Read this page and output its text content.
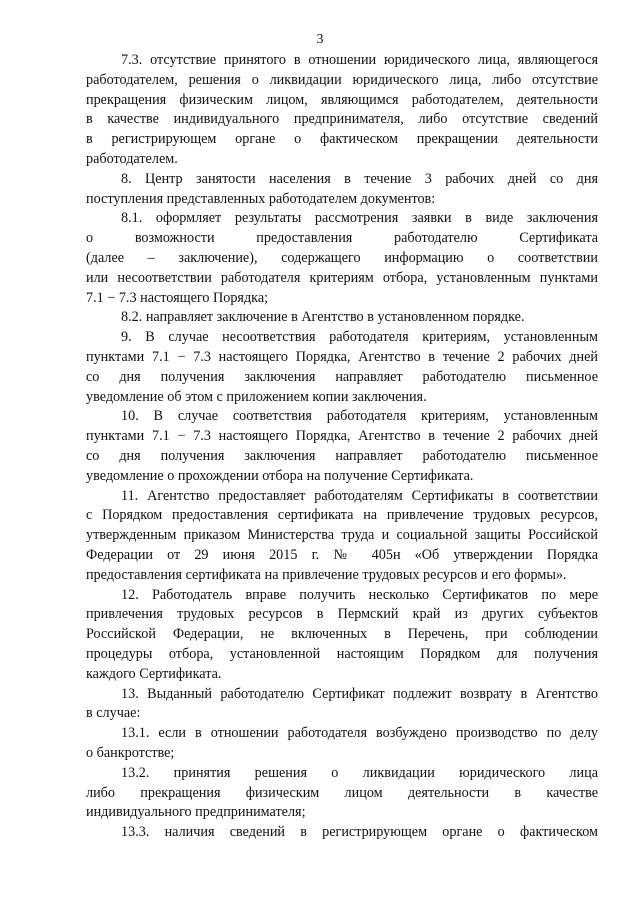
3
7.3. отсутствие принятого в отношении юридического лица, являющегося
работодателем, решения о ликвидации юридического лица, либо отсутствие
прекращения физическим лицом, являющимся работодателем, деятельности
в качестве индивидуального предпринимателя, либо отсутствие сведений
в регистрирующем органе о фактическом прекращении деятельности
работодателем.
8. Центр занятости населения в течение 3 рабочих дней со дня
поступления представленных работодателем документов:
8.1. оформляет результаты рассмотрения заявки в виде заключения
о возможности предоставления работодателю Сертификата
(далее – заключение), содержащего информацию о соответствии
или несоответствии работодателя критериям отбора, установленным пунктами
7.1 − 7.3 настоящего Порядка;
8.2. направляет заключение в Агентство в установленном порядке.
9. В случае несоответствия работодателя критериям, установленным
пунктами 7.1 − 7.3 настоящего Порядка, Агентство в течение 2 рабочих дней
со дня получения заключения направляет работодателю письменное
уведомление об этом с приложением копии заключения.
10. В случае соответствия работодателя критериям, установленным
пунктами 7.1 − 7.3 настоящего Порядка, Агентство в течение 2 рабочих дней
со дня получения заключения направляет работодателю письменное
уведомление о прохождении отбора на получение Сертификата.
11. Агентство предоставляет работодателям Сертификаты в соответствии
с Порядком предоставления сертификата на привлечение трудовых ресурсов,
утвержденным приказом Министерства труда и социальной защиты Российской
Федерации от 29 июня 2015 г. № 405н «Об утверждении Порядка
предоставления сертификата на привлечение трудовых ресурсов и его формы».
12. Работодатель вправе получить несколько Сертификатов по мере
привлечения трудовых ресурсов в Пермский край из других субъектов
Российской Федерации, не включенных в Перечень, при соблюдении
процедуры отбора, установленной настоящим Порядком для получения
каждого Сертификата.
13. Выданный работодателю Сертификат подлежит возврату в Агентство
в случае:
13.1. если в отношении работодателя возбуждено производство по делу
о банкротстве;
13.2. принятия решения о ликвидации юридического лица
либо прекращения физическим лицом деятельности в качестве
индивидуального предпринимателя;
13.3. наличия сведений в регистрирующем органе о фактическом
